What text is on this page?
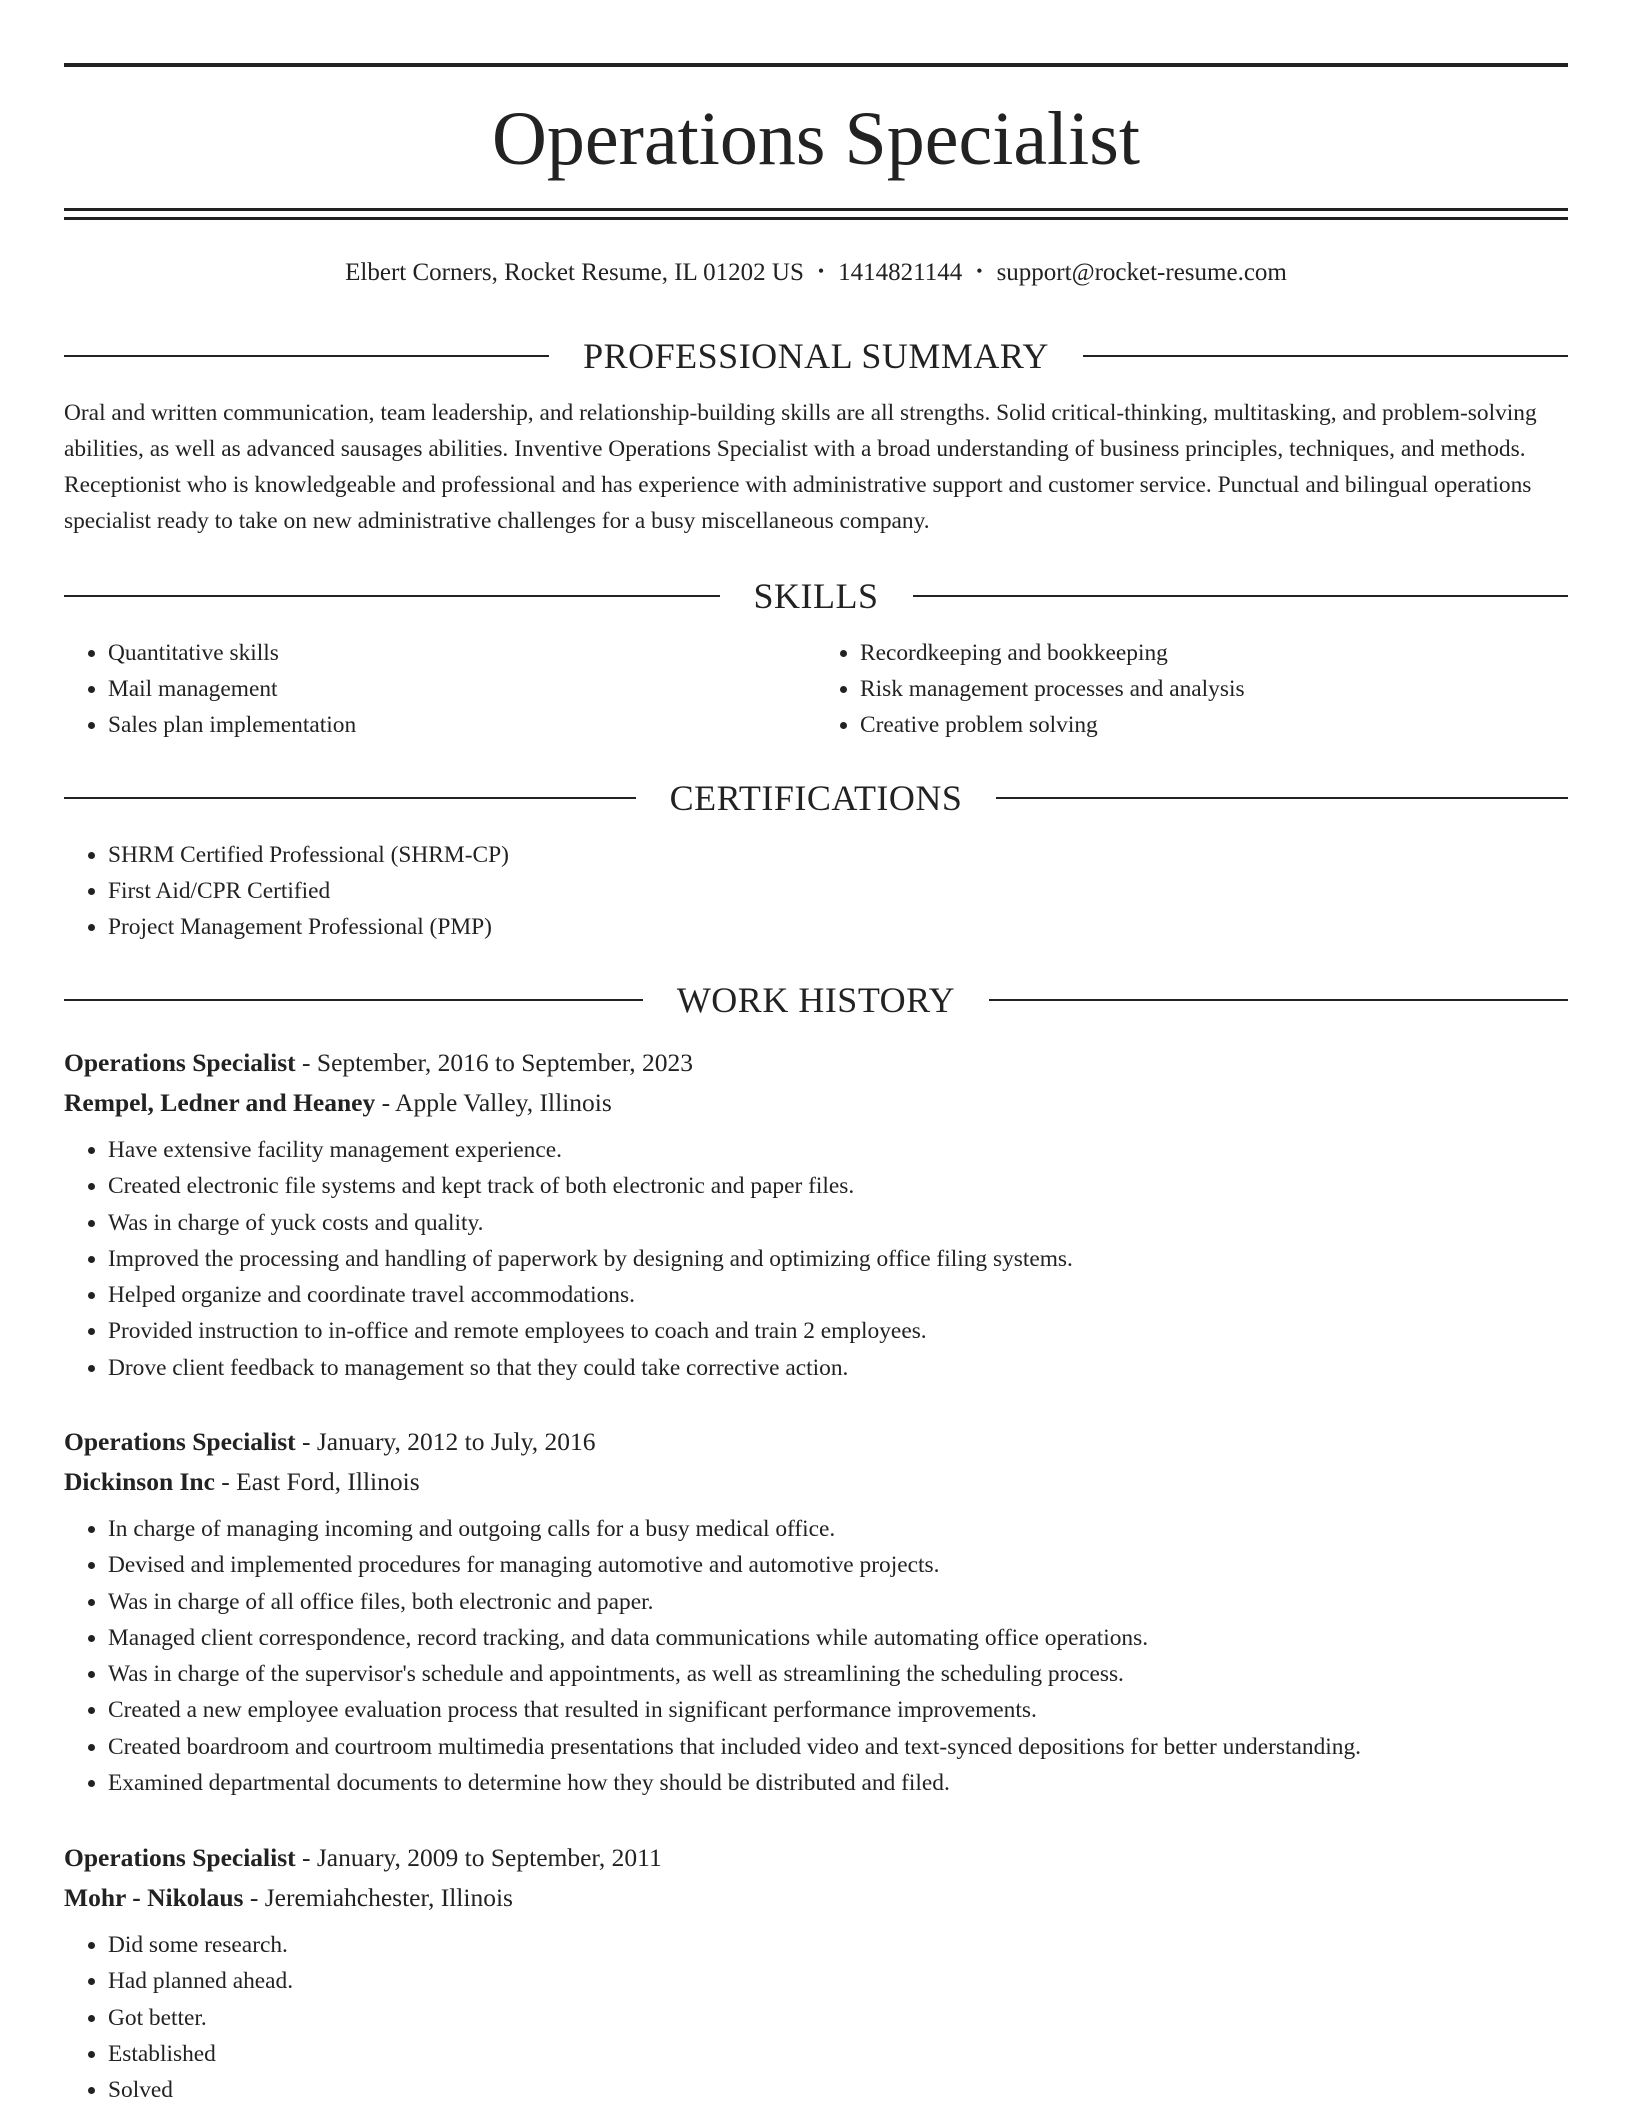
Operations Specialist
Elbert Corners, Rocket Resume, IL 01202 US • 1414821144 • support@rocket-resume.com
PROFESSIONAL SUMMARY

Oral and written communication, team leadership, and relationship-building skills are all strengths. Solid critical-thinking, multitasking, and problem-solving abilities, as well as advanced sausages abilities. Inventive Operations Specialist with a broad understanding of business principles, techniques, and methods. Receptionist who is knowledgeable and professional and has experience with administrative support and customer service. Punctual and bilingual operations specialist ready to take on new administrative challenges for a busy miscellaneous company.

SKILLS
• Quantitative skills
• Mail management
• Sales plan implementation
• Recordkeeping and bookkeeping
• Risk management processes and analysis
• Creative problem solving
CERTIFICATIONS
• SHRM Certified Professional (SHRM-CP)
• First Aid/CPR Certified
• Project Management Professional (PMP)
WORK HISTORY
Operations Specialist - September, 2016 to September, 2023
Rempel, Ledner and Heaney - Apple Valley, Illinois
• Have extensive facility management experience.
• Created electronic file systems and kept track of both electronic and paper files.
• Was in charge of yuck costs and quality.
• Improved the processing and handling of paperwork by designing and optimizing office filing systems.
• Helped organize and coordinate travel accommodations.
• Provided instruction to in-office and remote employees to coach and train 2 employees.
• Drove client feedback to management so that they could take corrective action.
Operations Specialist - January, 2012 to July, 2016
Dickinson Inc - East Ford, Illinois
• In charge of managing incoming and outgoing calls for a busy medical office.
• Devised and implemented procedures for managing automotive and automotive projects.
• Was in charge of all office files, both electronic and paper.
• Managed client correspondence, record tracking, and data communications while automating office operations.
• Was in charge of the supervisor's schedule and appointments, as well as streamlining the scheduling process.
• Created a new employee evaluation process that resulted in significant performance improvements.
• Created boardroom and courtroom multimedia presentations that included video and text-synced depositions for better understanding.
• Examined departmental documents to determine how they should be distributed and filed.
Operations Specialist - January, 2009 to September, 2011
Mohr - Nikolaus - Jeremiahchester, Illinois
• Did some research.
• Had planned ahead.
• Got better.
• Established
• Solved
